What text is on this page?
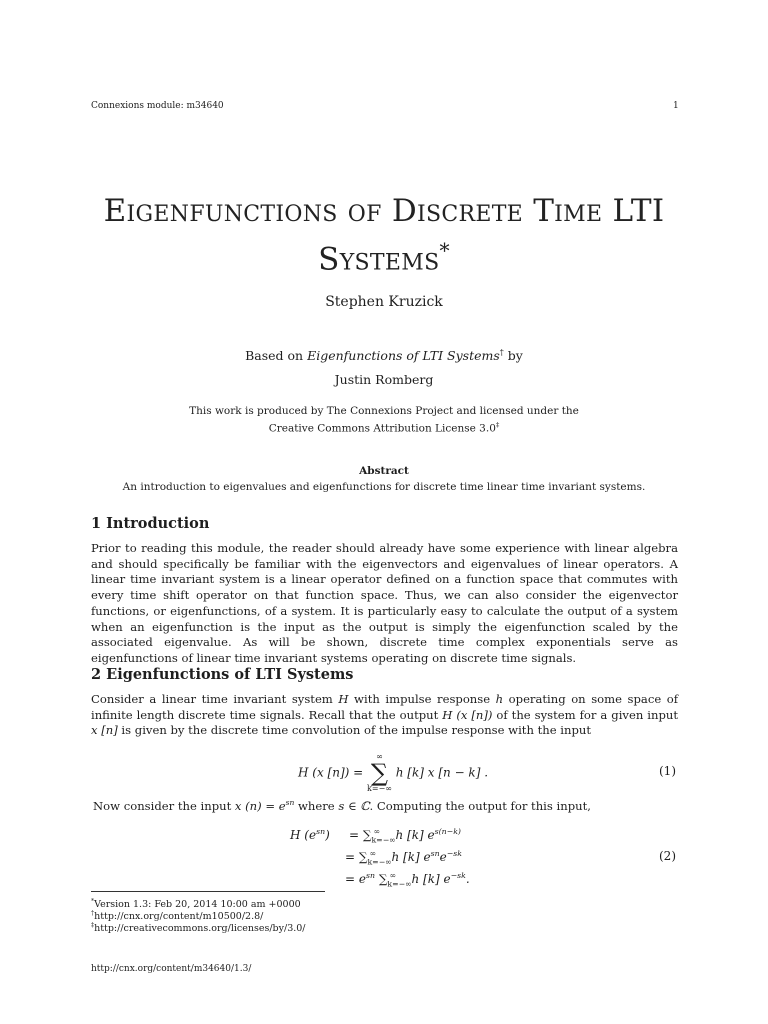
Connexions module: m34640	1
Eigenfunctions of Discrete Time LTI
Systems*
Stephen Kruzick
Based on Eigenfunctions of LTI Systems† by
Justin Romberg
This work is produced by The Connexions Project and licensed under the
Creative Commons Attribution License 3.0‡
Abstract
An introduction to eigenvalues and eigenfunctions for discrete time linear time invariant systems.
1 Introduction
Prior to reading this module, the reader should already have some experience with linear algebra and should specifically be familiar with the eigenvectors and eigenvalues of linear operators. A linear time invariant system is a linear operator defined on a function space that commutes with every time shift operator on that function space. Thus, we can also consider the eigenvector functions, or eigenfunctions, of a system. It is particularly easy to calculate the output of a system when an eigenfunction is the input as the output is simply the eigenfunction scaled by the associated eigenvalue. As will be shown, discrete time complex exponentials serve as eigenfunctions of linear time invariant systems operating on discrete time signals.
2 Eigenfunctions of LTI Systems
Consider a linear time invariant system H with impulse response h operating on some space of infinite length discrete time signals. Recall that the output H (x [n]) of the system for a given input x [n] is given by the discrete time convolution of the impulse response with the input
H (x [n]) =
∞
∑
k=−∞
h [k] x [n − k] .	(1)
Now consider the input x $(n) = e^{sn}$ where s ∈ ℂ. Computing the output for this input,
H $(e^{sn}) = \sum_{k=-\infty}^\infty$ h [k] $e^{s(n-k)}$
= $\sum_{k=-\infty}^\infty$ h [k] $e^{sn}e^{-sk}$
= $e^{sn}$ $\sum_{k=-\infty}^\infty$ h [k] $e^{-sk}$.
(2)
*Version 1.3: Feb 20, 2014 10:00 am +0000
†http://cnx.org/content/m10500/2.8/
‡http://creativecommons.org/licenses/by/3.0/
http://cnx.org/content/m34640/1.3/
